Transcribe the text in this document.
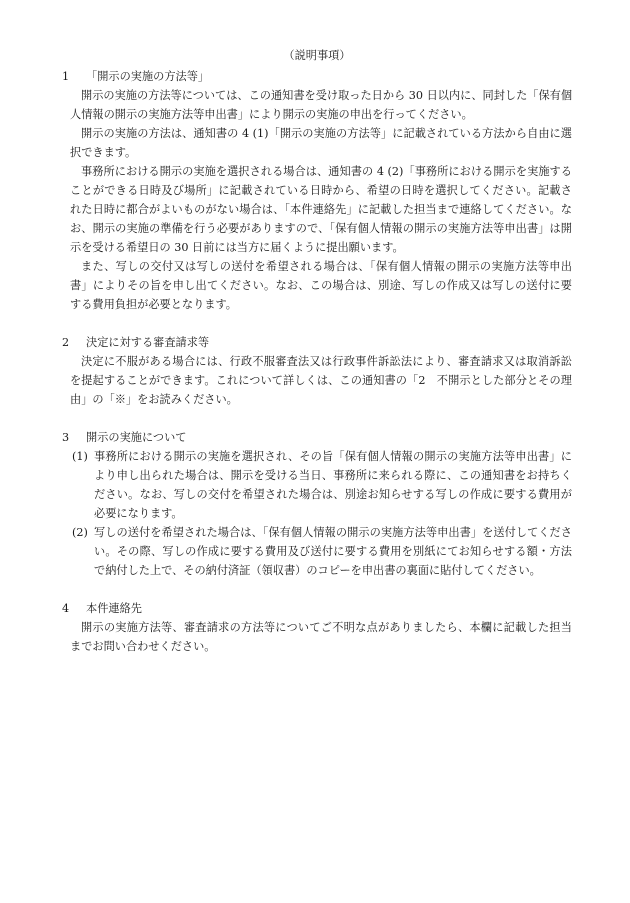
（説明事項）
1	「開示の実施の方法等」

開示の実施の方法等については、この通知書を受け取った日から 30 日以内に、同封した「保有個人情報の開示の実施方法等申出書」により開示の実施の申出を行ってください。

開示の実施の方法は、通知書の 4 (1)「開示の実施の方法等」に記載されている方法から自由に選択できます。

事務所における開示の実施を選択される場合は、通知書の 4 (2)「事務所における開示を実施することができる日時及び場所」に記載されている日時から、希望の日時を選択してください。記載された日時に都合がよいものがない場合は、「本件連絡先」に記載した担当まで連絡してください。なお、開示の実施の準備を行う必要がありますので、「保有個人情報の開示の実施方法等申出書」は開示を受ける希望日の 30 日前には当方に届くように提出願います。

また、写しの交付又は写しの送付を希望される場合は、「保有個人情報の開示の実施方法等申出書」によりその旨を申し出てください。なお、この場合は、別途、写しの作成又は写しの送付に要する費用負担が必要となります。

2	決定に対する審査請求等

決定に不服がある場合には、行政不服審査法又は行政事件訴訟法により、審査請求又は取消訴訟を提起することができます。これについて詳しくは、この通知書の「2　不開示とした部分とその理由」の「※」をお読みください。

3	開示の実施について
(1) 事務所における開示の実施を選択され、その旨「保有個人情報の開示の実施方法等申出書」により申し出られた場合は、開示を受ける当日、事務所に来られる際に、この通知書をお持ちください。なお、写しの交付を希望された場合は、別途お知らせする写しの作成に要する費用が必要になります。
(2) 写しの送付を希望された場合は、「保有個人情報の開示の実施方法等申出書」を送付してください。その際、写しの作成に要する費用及び送付に要する費用を別紙にてお知らせする額・方法で納付した上で、その納付済証（領収書）のコピーを申出書の裏面に貼付してください。
4	本件連絡先

開示の実施方法等、審査請求の方法等についてご不明な点がありましたら、本欄に記載した担当までお問い合わせください。
